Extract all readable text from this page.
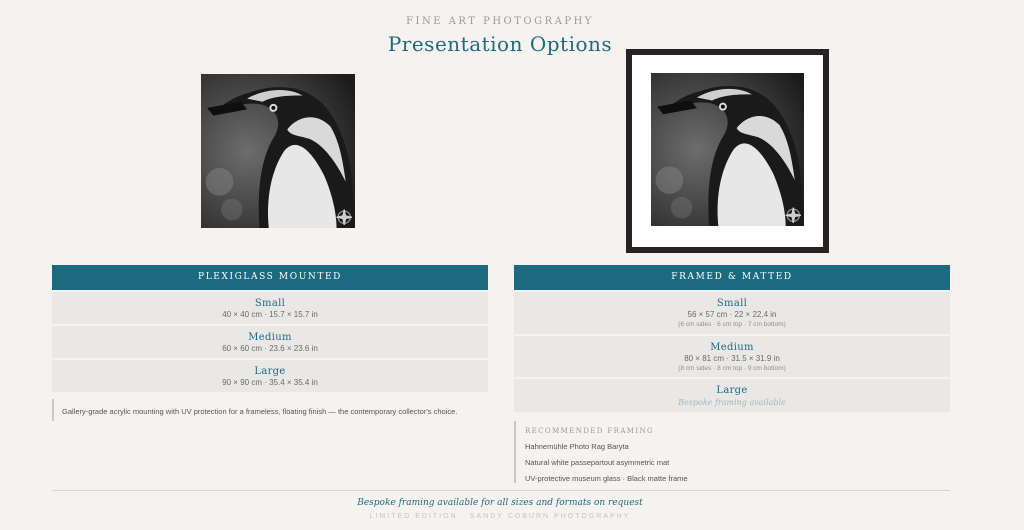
FINE ART PHOTOGRAPHY
Presentation Options
PLEXIGLASS MOUNTED
Small
40 × 40 cm · 15.7 × 15.7 in
Medium
60 × 60 cm · 23.6 × 23.6 in
Large
90 × 90 cm · 35.4 × 35.4 in
Gallery-grade acrylic mounting with UV protection for a frameless, floating finish — the contemporary collector's choice.
FRAMED & MATTED
Small
56 × 57 cm · 22 × 22.4 in
(6 cm sides · 6 cm top · 7 cm bottom)
Medium
80 × 81 cm · 31.5 × 31.9 in
(8 cm sides · 8 cm top · 9 cm bottom)
Large
Bespoke framing available
RECOMMENDED FRAMING
Hahnemühle Photo Rag Baryta
Natural white passepartout asymmetric mat
UV-protective museum glass · Black matte frame
Bespoke framing available for all sizes and formats on request
LIMITED EDITION · SANDY COBURN PHOTOGRAPHY
